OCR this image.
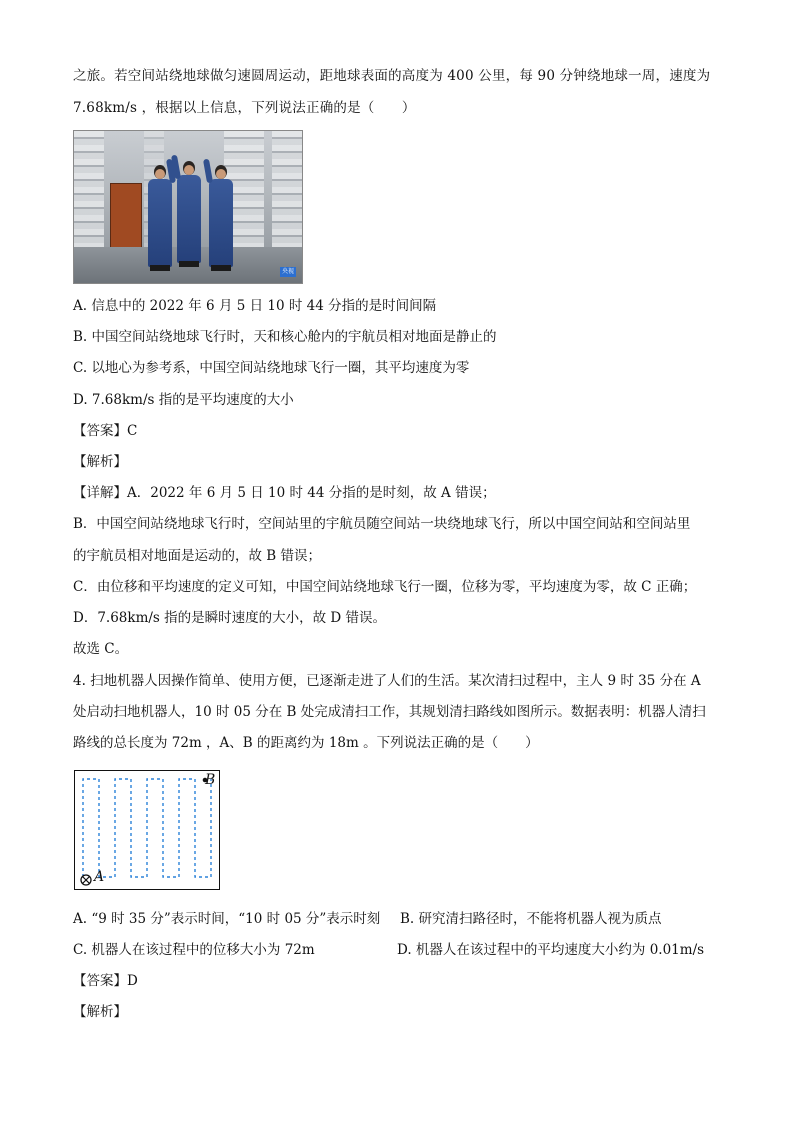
之旅。若空间站绕地球做匀速圆周运动，距地球表面的高度为 400 公里，每 90 分钟绕地球一周，速度为
7.68km/s ，根据以上信息，下列说法正确的是（　　）
央视
A. 信息中的 2022 年 6 月 5 日 10 时 44 分指的是时间间隔
B. 中国空间站绕地球飞行时，天和核心舱内的宇航员相对地面是静止的
C. 以地心为参考系，中国空间站绕地球飞行一圈，其平均速度为零
D. 7.68km/s 指的是平均速度的大小
【答案】C
【解析】
【详解】A．2022 年 6 月 5 日 10 时 44 分指的是时刻，故 A 错误；
B．中国空间站绕地球飞行时，空间站里的宇航员随空间站一块绕地球飞行，所以中国空间站和空间站里
的宇航员相对地面是运动的，故 B 错误；
C．由位移和平均速度的定义可知，中国空间站绕地球飞行一圈，位移为零，平均速度为零，故 C 正确；
D．7.68km/s 指的是瞬时速度的大小，故 D 错误。
故选 C。
4. 扫地机器人因操作简单、使用方便，已逐渐走进了人们的生活。某次清扫过程中，主人 9 时 35 分在 A
处启动扫地机器人，10 时 05 分在 B 处完成清扫工作，其规划清扫路线如图所示。数据表明：机器人清扫
路线的总长度为 72m ，A、B 的距离约为 18m 。下列说法正确的是（　　）
A
B
A. “9 时 35 分”表示时间，“10 时 05 分”表示时刻 B. 研究清扫路径时，不能将机器人视为质点
C. 机器人在该过程中的位移大小为 72m	D. 机器人在该过程中的平均速度大小约为 0.01m/s
【答案】D
【解析】
